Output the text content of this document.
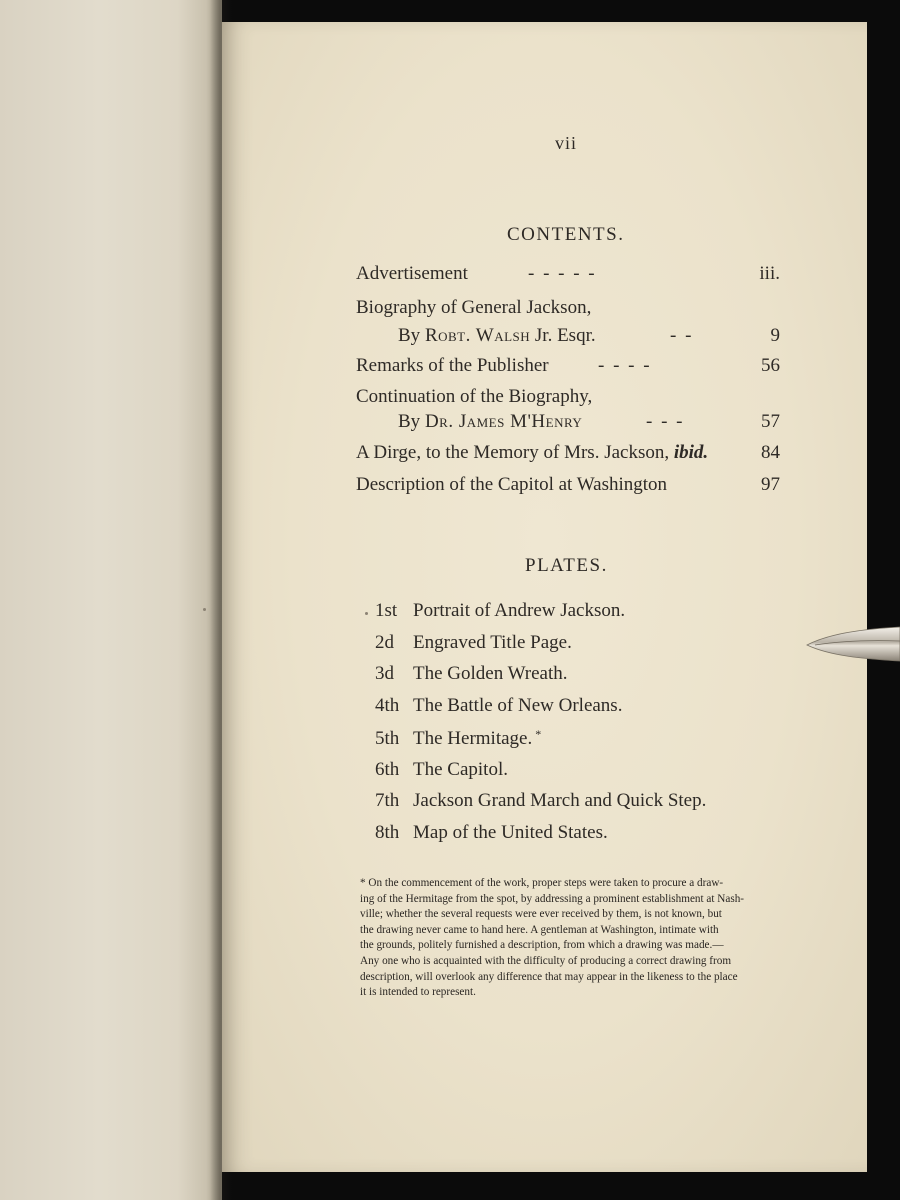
vii
CONTENTS.
Advertisement	- - - - -	iii.
Biography of General Jackson,
By Robt. Walsh Jr. Esqr.	- -	9
Remarks of the Publisher	- - - -	56
Continuation of the Biography,
By Dr. James M'Henry	- - -	57
A Dirge, to the Memory of Mrs. Jackson, ibid.	84
Description of the Capitol at Washington	97
PLATES.
1st Portrait of Andrew Jackson.
2d Engraved Title Page.
3d The Golden Wreath.
4th The Battle of New Orleans.
5th The Hermitage. *
6th The Capitol.
7th Jackson Grand March and Quick Step.
8th Map of the United States.
* On the commencement of the work, proper steps were taken to procure a draw-
ing of the Hermitage from the spot, by addressing a prominent establishment at Nash-
ville; whether the several requests were ever received by them, is not known, but
the drawing never came to hand here. A gentleman at Washington, intimate with
the grounds, politely furnished a description, from which a drawing was made.—
Any one who is acquainted with the difficulty of producing a correct drawing from
description, will overlook any difference that may appear in the likeness to the place
it is intended to represent.
